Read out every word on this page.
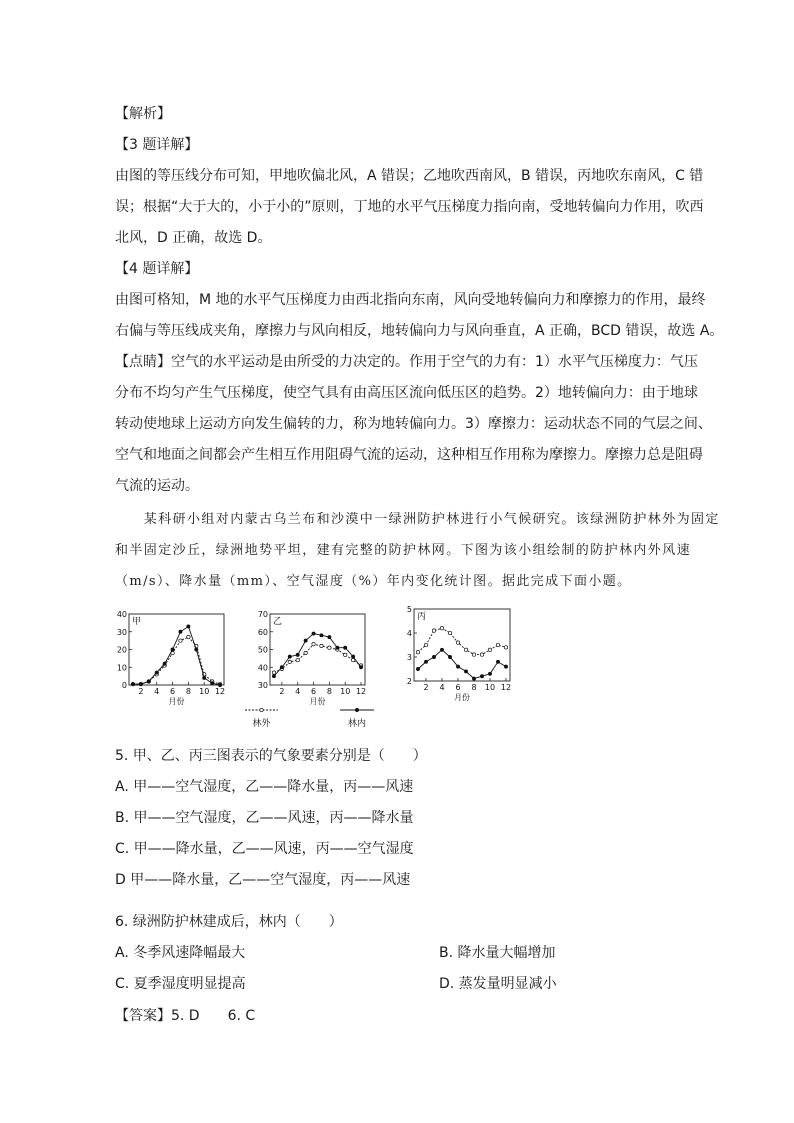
【解析】
【3 题详解】
由图的等压线分布可知，甲地吹偏北风，A 错误；乙地吹西南风，B 错误，丙地吹东南风，C 错
误；根据“大于大的，小于小的”原则，丁地的水平气压梯度力指向南，受地转偏向力作用，吹西
北风，D 正确，故选 D。
【4 题详解】
由图可格知，M 地的水平气压梯度力由西北指向东南，风向受地转偏向力和摩擦力的作用，最终
右偏与等压线成夹角，摩擦力与风向相反，地转偏向力与风向垂直，A 正确，BCD 错误，故选 A。
【点睛】空气的水平运动是由所受的力决定的。作用于空气的力有：1）水平气压梯度力：气压
分布不均匀产生气压梯度，使空气具有由高压区流向低压区的趋势。2）地转偏向力：由于地球
转动使地球上运动方向发生偏转的力，称为地转偏向力。3）摩擦力：运动状态不同的气层之间、
空气和地面之间都会产生相互作用阻碍气流的运动，这种相互作用称为摩擦力。摩擦力总是阻碍
气流的运动。
　　某科研小组对内蒙古乌兰布和沙漠中一绿洲防护林进行小气候研究。该绿洲防护林外为固定
和半固定沙丘，绿洲地势平坦，建有完整的防护林网。下图为该小组绘制的防护林内外风速
（m/s）、降水量（mm）、空气湿度（%）年内变化统计图。据此完成下面小题。
甲
0
10
20
30
40
2 4 6 8 10 12
月份
乙
30
40
50
60
70
2 4 6 8 10 12
月份
丙
2
3
4
5
2 4 6 8 10 12
月份
林外	林内
5. 甲、乙、丙三图表示的气象要素分别是（　　）
A. 甲——空气湿度，乙——降水量，丙——风速
B. 甲——空气湿度，乙——风速，丙——降水量
C. 甲——降水量，乙——风速，丙——空气湿度
D 甲——降水量，乙——空气湿度，丙——风速
6. 绿洲防护林建成后，林内（　　）
A. 冬季风速降幅最大	B. 降水量大幅增加
C. 夏季湿度明显提高	D. 蒸发量明显减小
【答案】5. D　　6. C
